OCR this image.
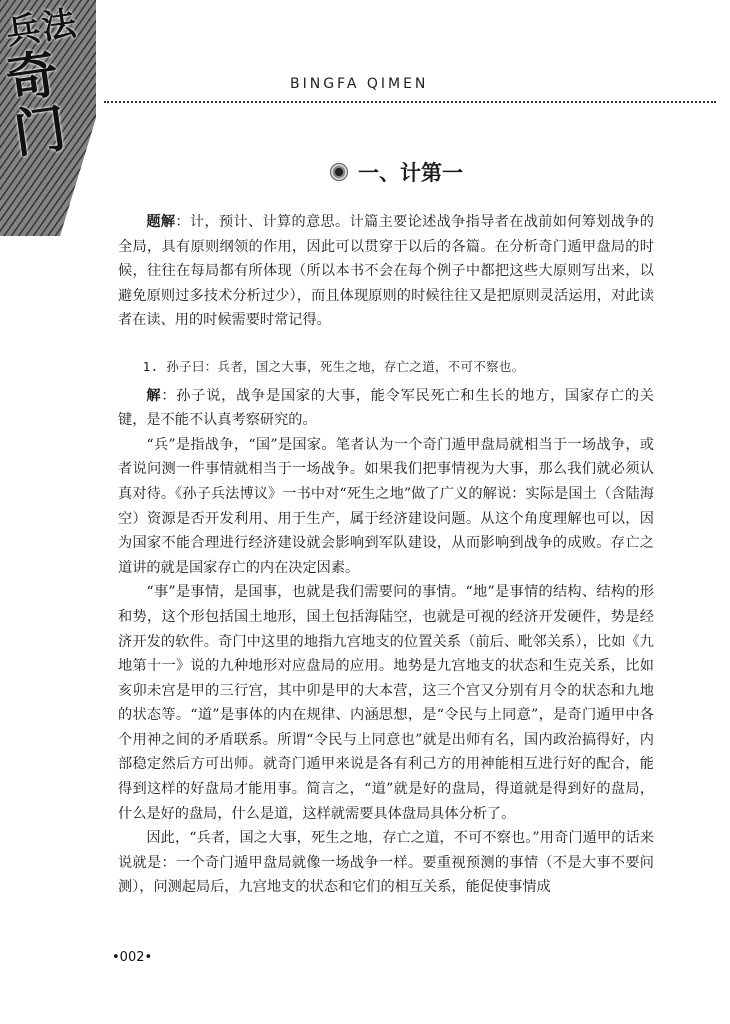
兵法
奇门
BINGFA QIMEN
一、计第一

题解：计，预计、计算的意思。计篇主要论述战争指导者在战前如何筹划战争的全局，具有原则纲领的作用，因此可以贯穿于以后的各篇。在分析奇门遁甲盘局的时候，往往在每局都有所体现（所以本书不会在每个例子中都把这些大原则写出来，以避免原则过多技术分析过少），而且体现原则的时候往往又是把原则灵活运用，对此读者在读、用的时候需要时常记得。

1. 孙子曰：兵者，国之大事，死生之地，存亡之道，不可不察也。

解：孙子说，战争是国家的大事，能令军民死亡和生长的地方，国家存亡的关键，是不能不认真考察研究的。

“兵”是指战争，“国”是国家。笔者认为一个奇门遁甲盘局就相当于一场战争，或者说问测一件事情就相当于一场战争。如果我们把事情视为大事，那么我们就必须认真对待。《孙子兵法博议》一书中对“死生之地”做了广义的解说：实际是国土（含陆海空）资源是否开发利用、用于生产，属于经济建设问题。从这个角度理解也可以，因为国家不能合理进行经济建设就会影响到军队建设，从而影响到战争的成败。存亡之道讲的就是国家存亡的内在决定因素。

“事”是事情，是国事，也就是我们需要问的事情。“地”是事情的结构、结构的形和势，这个形包括国土地形，国土包括海陆空，也就是可视的经济开发硬件，势是经济开发的软件。奇门中这里的地指九宫地支的位置关系（前后、毗邻关系），比如《九地第十一》说的九种地形对应盘局的应用。地势是九宫地支的状态和生克关系，比如亥卯未宫是甲的三行宫，其中卯是甲的大本营，这三个宫又分别有月令的状态和九地的状态等。“道”是事体的内在规律、内涵思想，是“令民与上同意”，是奇门遁甲中各个用神之间的矛盾联系。所谓“令民与上同意也”就是出师有名，国内政治搞得好，内部稳定然后方可出师。就奇门遁甲来说是各有利己方的用神能相互进行好的配合，能得到这样的好盘局才能用事。简言之，“道”就是好的盘局，得道就是得到好的盘局，什么是好的盘局，什么是道，这样就需要具体盘局具体分析了。

因此，“兵者，国之大事，死生之地，存亡之道，不可不察也。”用奇门遁甲的话来说就是：一个奇门遁甲盘局就像一场战争一样。要重视预测的事情（不是大事不要问测），问测起局后，九宫地支的状态和它们的相互关系，能促使事情成

•002•
